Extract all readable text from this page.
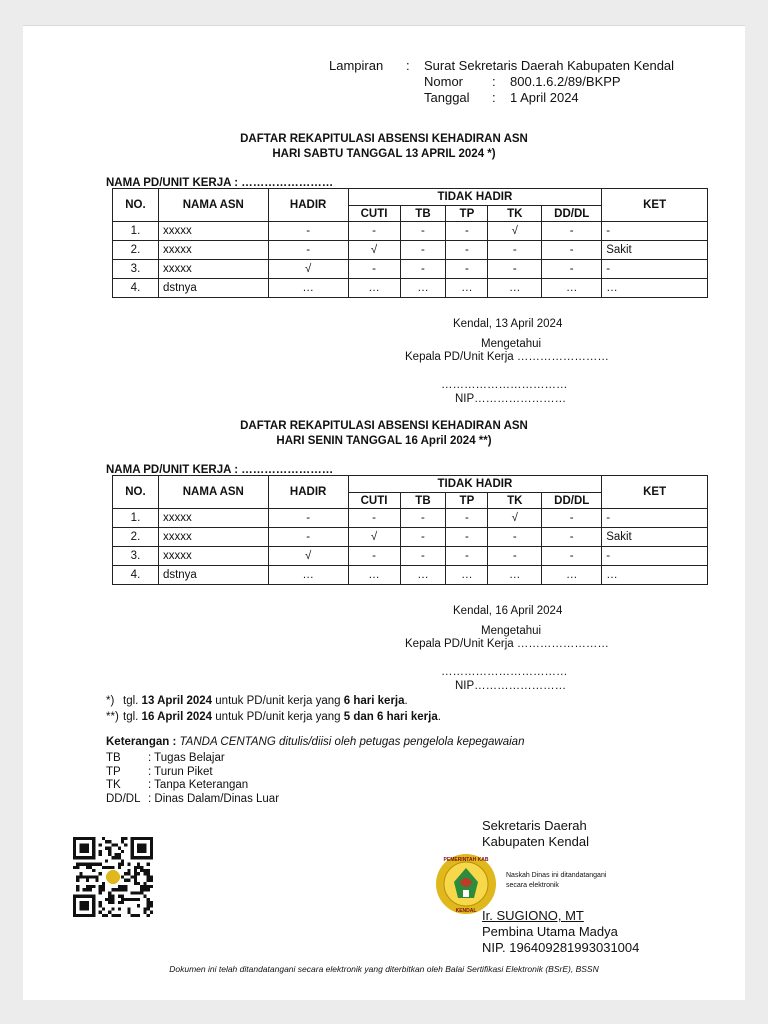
Lampiran : Surat Sekretaris Daerah Kabupaten Kendal
Nomor : 800.1.6.2/89/BKPP
Tanggal : 1 April 2024
DAFTAR REKAPITULASI ABSENSI KEHADIRAN ASN
HARI SABTU TANGGAL 13 APRIL 2024 *)
NAMA PD/UNIT KERJA : ……………………
NO.	NAMA ASN	HADIR	TIDAK HADIR					KET
			CUTI	TB	TP	TK	DD/DL	
1.	xxxxx	-	-	-	-	√	-	-
2.	xxxxx	-	√	-	-	-	-	Sakit
3.	xxxxx	√	-	-	-	-	-	-
4.	dstnya	…	…	…	…	…	…	…
Kendal, 13 April 2024
Mengetahui
Kepala PD/Unit Kerja ……………………
……………………………
NIP……………………
DAFTAR REKAPITULASI ABSENSI KEHADIRAN ASN
HARI SENIN TANGGAL 16 April 2024 **)
NAMA PD/UNIT KERJA : ……………………
NO.	NAMA ASN	HADIR	TIDAK HADIR					KET
			CUTI	TB	TP	TK	DD/DL	
1.	xxxxx	-	-	-	-	√	-	-
2.	xxxxx	-	√	-	-	-	-	Sakit
3.	xxxxx	√	-	-	-	-	-	-
4.	dstnya	…	…	…	…	…	…	…
Kendal, 16 April 2024
Mengetahui
Kepala PD/Unit Kerja ……………………
……………………………
NIP……………………
*) tgl. 13 April 2024 untuk PD/unit kerja yang 6 hari kerja.
**) tgl. 16 April 2024 untuk PD/unit kerja yang 5 dan 6 hari kerja.
Keterangan : TANDA CENTANG ditulis/diisi oleh petugas pengelola kepegawaian
TB : Tugas Belajar
TP : Turun Piket
TK : Tanpa Keterangan
DD/DL : Dinas Dalam/Dinas Luar
Sekretaris Daerah
Kabupaten Kendal
PEMERINTAH KAB
KENDAL
Naskah Dinas ini ditandatangani
secara elektronik
Ir. SUGIONO, MT
Pembina Utama Madya
NIP. 196409281993031004
Dokumen ini telah ditandatangani secara elektronik yang diterbitkan oleh Balai Sertifikasi Elektronik (BSrE), BSSN
